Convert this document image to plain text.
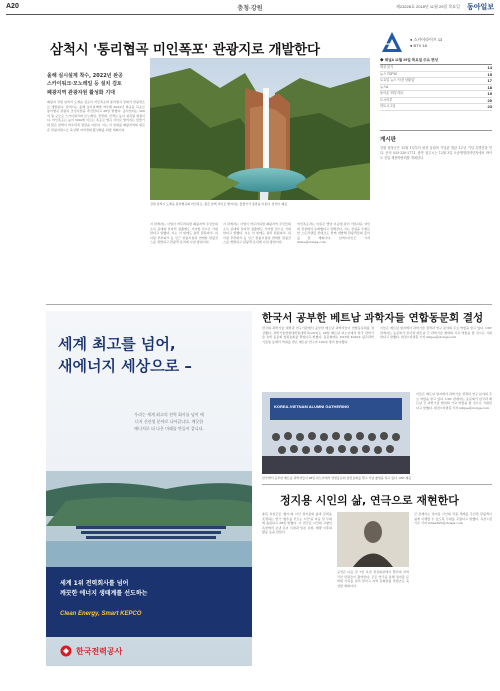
A20	충청·강원	제23228호 2018년 11월 29일 목요일 동아일보
삼척시 '통리협곡 미인폭포' 관광지로 개발한다
올해 실시설계 착수, 2022년 완공
스카이워크·모노레일 등 설치 검토
폐광지역 관광자원 활성화 기대
폐광지 강원 삼척시 도계읍 심포리 미인폭포와 통리협곡 일대가 관광명소로 개발된다. 삼척시는 올해 실시설계에 착수해 2022년 완공을 목표로 통리협곡 관광지 조성사업을 추진한다고 28일 밝혔다. 총사업비는 200억 원 규모로 스카이워크와 모노레일, 전망대, 산책로 등이 설치될 예정이다. 미인폭포는 높이 50m에 이르는 폭포로 협곡 사이로 떨어지는 물줄기와 붉은 암벽이 어우러져 장관을 이룬다. 시는 이 일대를 폐광지역의 새로운 관광자원으로 육성해 지역경제 활성화를 꾀할 계획이다.
강원 삼척시 도계읍 통리협곡의 미인폭포. 붉은 암벽 사이로 떨어지는 물줄기가 장관을 이룬다. 삼척시 제공
시 관계자는 사업이 마무리되면 폐광지역 주민들의 소득 증대와 일자리 창출에도 기여할 것으로 기대한다고 말했다. 시는 이 밖에도 통리 탄탄파크, 하이원 추추파크 등 인근 관광시설과 연계한 관광코스를 개발하고 관광객 유치에 나설 방침이다.
시 관계자는 사업이 마무리되면 폐광지역 주민들의 소득 증대와 일자리 창출에도 기여할 것으로 기대한다고 말했다. 시는 이 밖에도 통리 탄탄파크, 하이원 추추파크 등 인근 관광시설과 연계한 관광코스를 개발하고 관광객 유치에 나설 방침이다.
미인폭포라는 이름은 옛날 이곳에 살던 아름다운 여인의 전설에서 유래했다고 전해진다. 시는 전설을 주제로 한 스토리텔링 콘텐츠도 함께 개발해 관광객들의 흥미를 끌 계획이다. 삼척=이인모 기자 imlee@donga.com
CHANNEL A
● 스카이라이프 13
● BTV 18
◆ 채널A 11월 29일 목요일 주요 편성
세상 읽기	14
뉴스 TOP10	15
토요일 뉴스 '사건 상황실'	17
뉴스A	18
돌아온 '외부자들'	19
도시어부	20
하트시그널	23
게시판
강원 평창군은 12월 1일부터 평창 올림픽 기념관 개관 1주년 기념 특별전을 연다. 문의 033-330-2771. 충북 청주시는 12월 3일 오송생명과학단지에서 바이오 산업 채용박람회를 개최한다.
세계 최고를 넘어,
새에너지 세상으로 –
우리는 세계 최고의 전력 회사를 넘어 에너지 신산업 분야로 나아갑니다. 깨끗한 에너지로 더 나은 미래를 만들어 갑니다.
세계 1위 전력회사를 넘어
깨끗한 에너지 생태계를 선도하는
Clean Energy, Smart KEPCO
한국전력공사
한국서 공부한 베트남 과학자들 연합동문회 결성
한국의 과학기술 대학과 연구기관에서 공부한 베트남 과학자들이 연합동문회를 결성했다. 과학기술연합대학원대학교(UST)는 28일 베트남 하노이에서 한국 과학기술 유학 동문회 창립총회를 열었다고 밝혔다. 동문회에는 UST와 KAIST, 광주과학기술원 등에서 학위를 받은 베트남 연구자 100여 명이 참여했다.
이들은 베트남 현지에서 과학기술 정책과 연구 분야의 주요 역할을 맡고 있다. UST 관계자는 동문회가 한국과 베트남 간 과학기술 협력의 가교 역할을 할 것으로 기대한다고 말했다. 대전=지명훈 기자 mhjee@donga.com
KOREA-VIETNAM ALUMNI GATHERING
한국에서 공부한 베트남 과학자들이 28일 하노이에서 연합동문회 창립총회를 열고 기념 촬영을 하고 있다. UST 제공
이들은 베트남 현지에서 과학기술 정책과 연구 분야의 주요 역할을 맡고 있다. UST 관계자는 동문회가 한국과 베트남 간 과학기술 협력의 가교 역할을 할 것으로 기대한다고 말했다. 대전=지명훈 기자 mhjee@donga.com
정지용 시인의 삶, 연극으로 재현한다
충북 옥천군은 '향수'의 시인 정지용의 삶과 문학을 조명하는 연극 '향수를 부르는 시인'을 다음 달 무대에 올린다고 28일 밝혔다. 이 연극은 시인의 고향인 옥천에서 보낸 유년 시절과 일본 유학, 해방 이후의 활동 등을 담았다.
공연은 다음 달 7일 옥천 관성회관에서 열리며 지역 극단 단원들이 출연한다. 군은 연극을 통해 정지용 문학의 가치를 널리 알리고 지역 문화관광 콘텐츠로 육성할 계획이다.
군 관계자는 정지용 시인의 작품 세계를 주민과 관광객이 쉽게 이해할 수 있도록 무대를 꾸몄다고 말했다. 옥천=장기우 기자 straw825@donga.com
